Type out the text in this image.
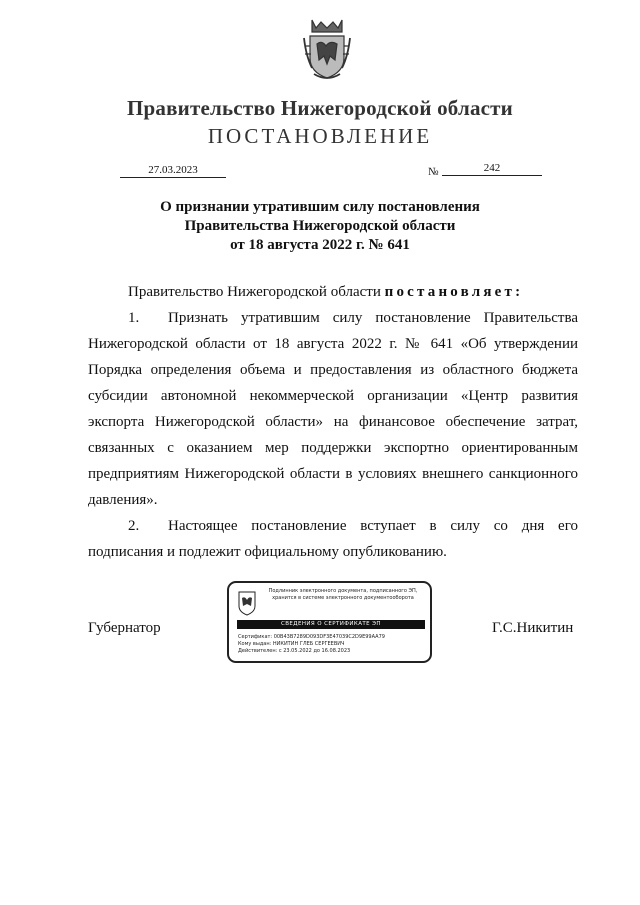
Правительство Нижегородской области
ПОСТАНОВЛЕНИЕ
27.03.2023	№	242
О признании утратившим силу постановления
Правительства Нижегородской области
от 18 августа 2022 г. № 641
Правительство Нижегородской области постановляет:
1. Признать утратившим силу постановление Правительства
Нижегородской области от 18 августа 2022 г. № 641 «Об утверждении
Порядка определения объема и предоставления из областного бюджета
субсидии автономной некоммерческой организации «Центр развития
экспорта Нижегородской области» на финансовое обеспечение затрат,
связанных с оказанием мер поддержки экспортно ориентированным
предприятиям Нижегородской области в условиях внешнего санкционного
давления».
2. Настоящее постановление вступает в силу со дня его
подписания и подлежит официальному опубликованию.
Губернатор	Г.С.Никитин
Подлинник электронного документа, подписанного ЭП,
хранится в системе электронного документооборота
СВЕДЕНИЯ О СЕРТИФИКАТЕ ЭП
Сертификат: 00B43B7289D093DF3E47039C2D9E99AA79
Кому выдан: НИКИТИН ГЛЕБ СЕРГЕЕВИЧ
Действителен: с 23.05.2022 до 16.08.2023
